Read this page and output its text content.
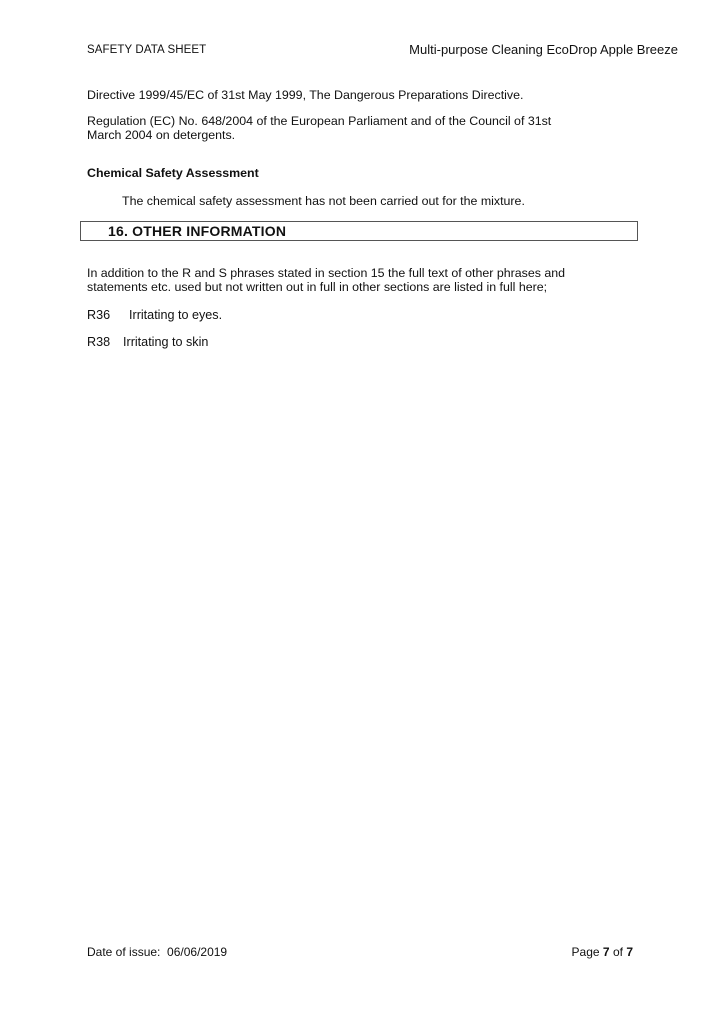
SAFETY DATA SHEET	Multi-purpose Cleaning EcoDrop Apple Breeze
Directive 1999/45/EC of 31st May 1999, The Dangerous Preparations Directive.
Regulation (EC) No. 648/2004 of the European Parliament and of the Council of 31st
March 2004 on detergents.
Chemical Safety Assessment
The chemical safety assessment has not been carried out for the mixture.
16. OTHER INFORMATION
In addition to the R and S phrases stated in section 15 the full text of other phrases and
statements etc. used but not written out in full in other sections are listed in full here;
R36 Irritating to eyes.
R38 Irritating to skin
Date of issue: 06/06/2019	Page 7 of 7
